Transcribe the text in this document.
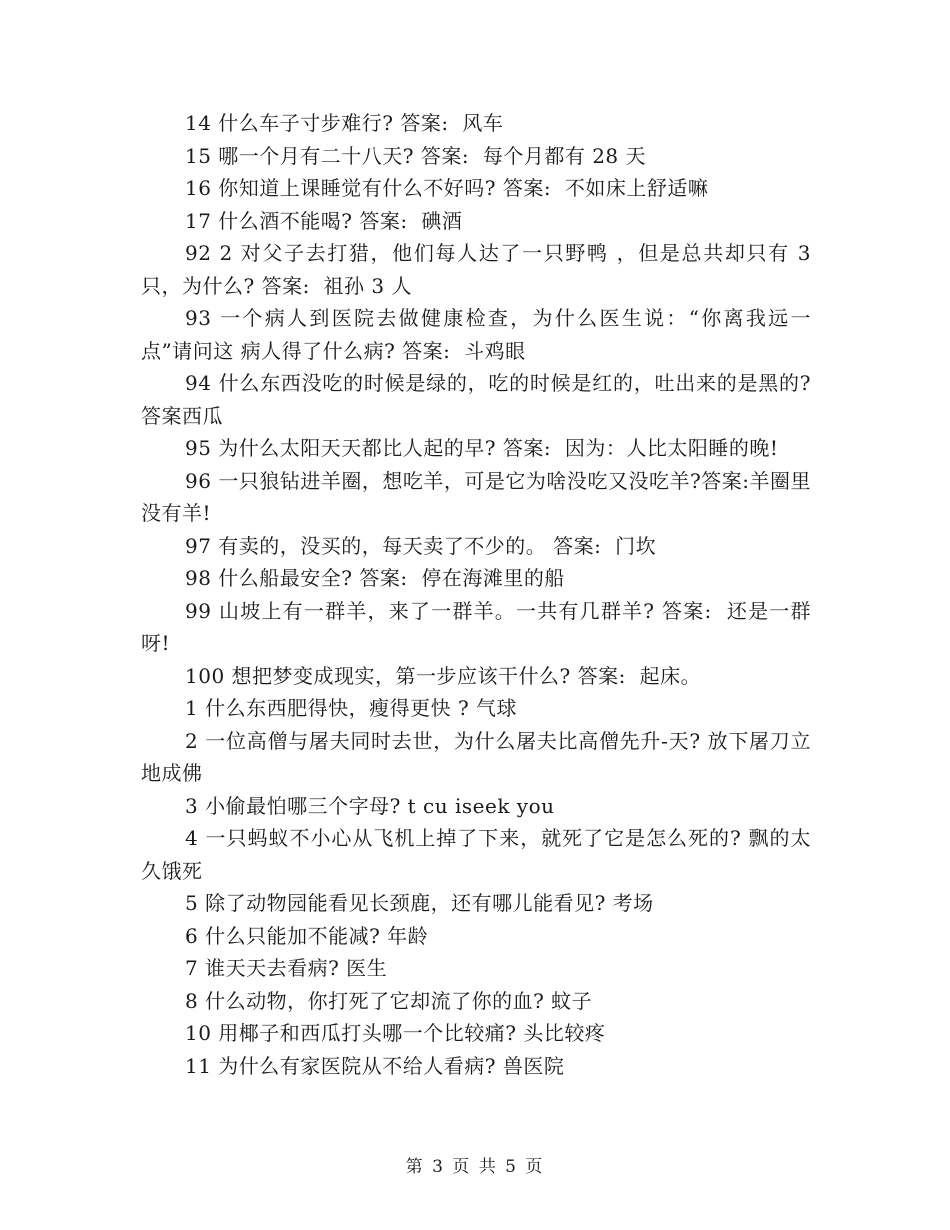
14 什么车子寸步难行? 答案:  风车

15 哪一个月有二十八天? 答案:  每个月都有 28 天

16 你知道上课睡觉有什么不好吗? 答案:  不如床上舒适嘛

17 什么酒不能喝? 答案:  碘酒

92 2 对父子去打猎，他们每人达了一只野鸭 ，但是总共却只有 3 只，为什么? 答案:  祖孙 3 人

93 一个病人到医院去做健康检查，为什么医生说：“你离我远一点”请问这 病人得了什么病? 答案:  斗鸡眼

94 什么东西没吃的时候是绿的，吃的时候是红的，吐出来的是黑的?答案西瓜

95 为什么太阳天天都比人起的早? 答案:  因为：人比太阳睡的晚!

96 一只狼钻进羊圈，想吃羊，可是它为啥没吃又没吃羊?答案:羊圈里没有羊!

97 有卖的，没买的，每天卖了不少的。 答案:  门坎

98 什么船最安全? 答案:  停在海滩里的船

99 山坡上有一群羊，来了一群羊。一共有几群羊? 答案:  还是一群呀!

100 想把梦变成现实，第一步应该干什么? 答案:  起床。

1 什么东西肥得快，瘦得更快 ? 气球

2 一位高僧与屠夫同时去世，为什么屠夫比高僧先升-天? 放下屠刀立地成佛

3 小偷最怕哪三个字母? t cu iseek you

4 一只蚂蚁不小心从飞机上掉了下来，就死了它是怎么死的? 飘的太久饿死

5 除了动物园能看见长颈鹿，还有哪儿能看见? 考场

6 什么只能加不能减? 年龄

7 谁天天去看病? 医生

8 什么动物，你打死了它却流了你的血? 蚊子

10 用椰子和西瓜打头哪一个比较痛? 头比较疼

11 为什么有家医院从不给人看病? 兽医院

第 3 页 共 5 页
